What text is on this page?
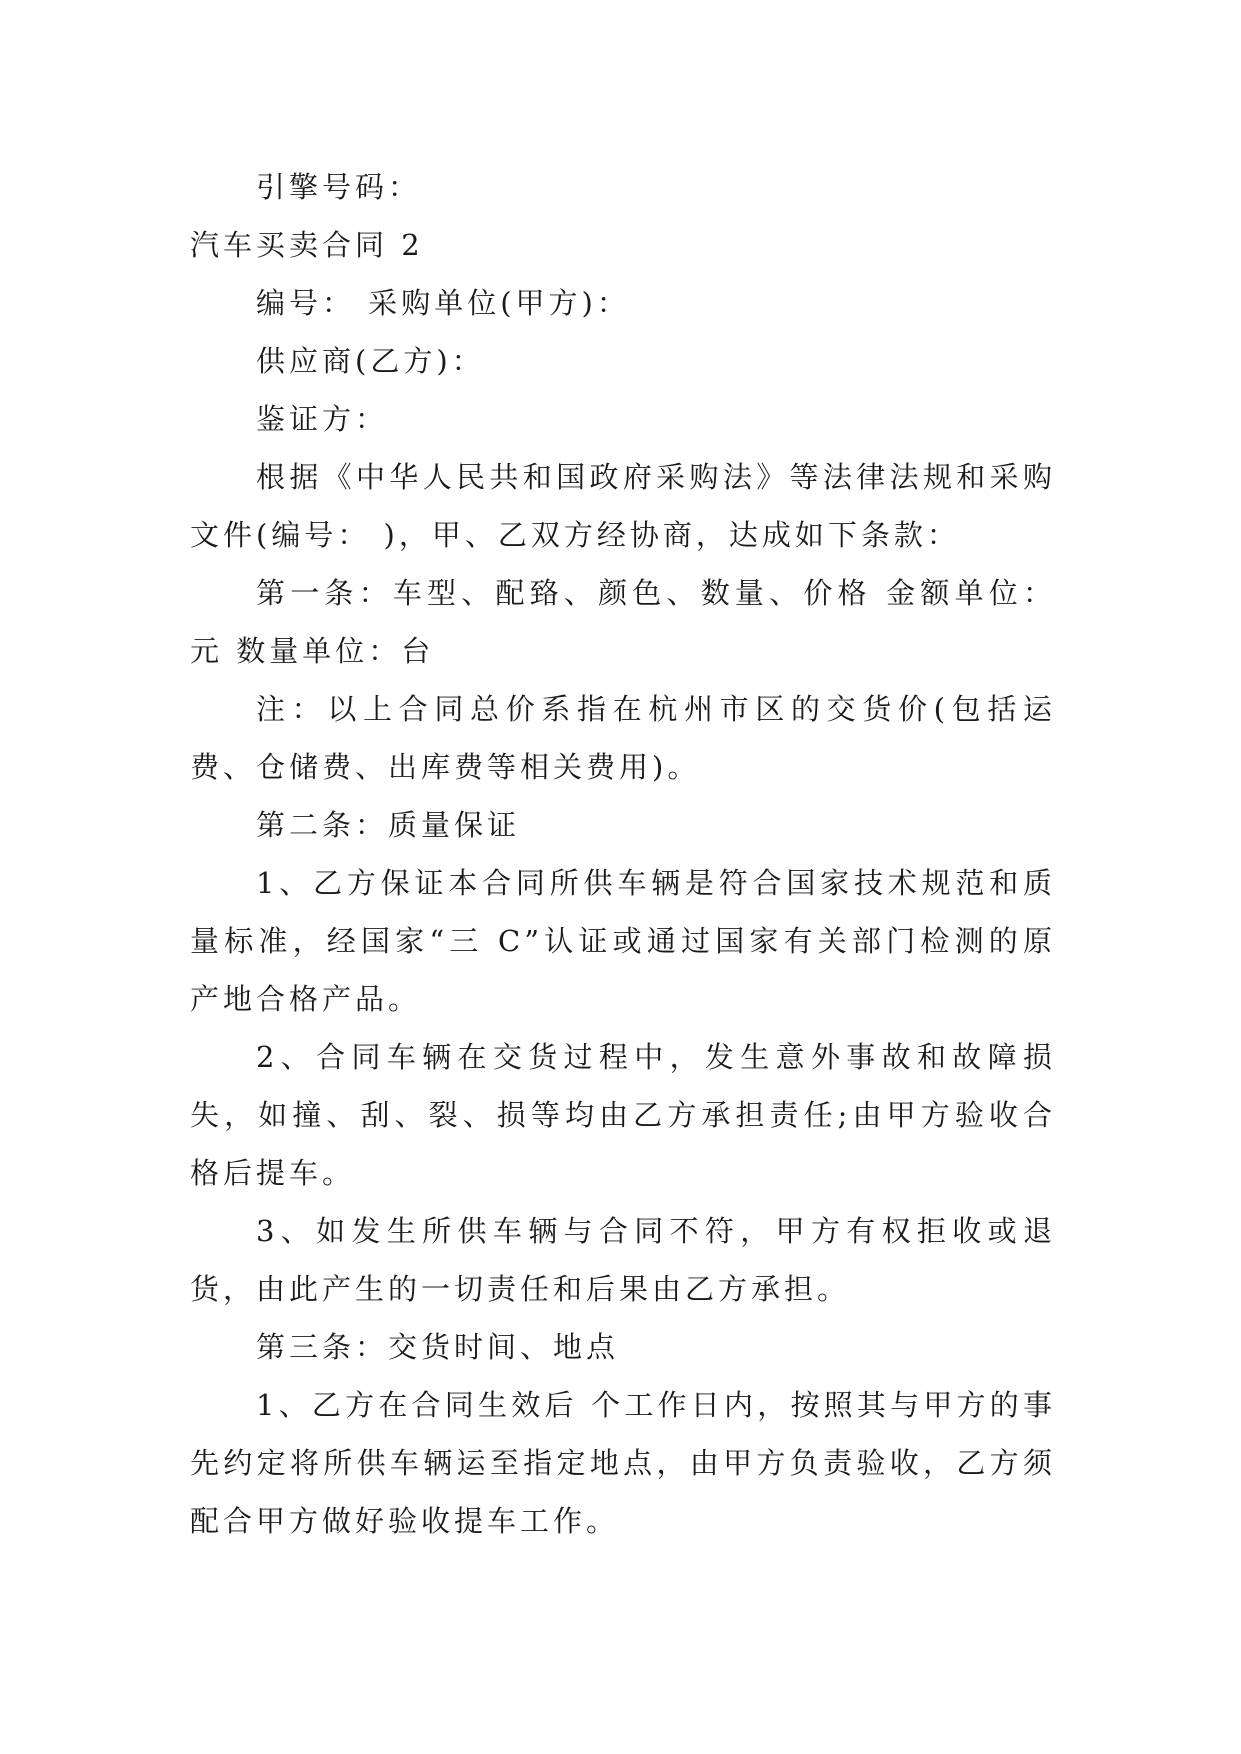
引擎号码：

汽车买卖合同 2

编号： 采购单位(甲方)：

供应商(乙方)：

鉴证方：

根据《中华人民共和国政府采购法》等法律法规和采购文件(编号： )，甲、乙双方经协商，达成如下条款：

第一条：车型、配臵、颜色、数量、价格 金额单位：元 数量单位：台

注：以上合同总价系指在杭州市区的交货价(包括运费、仓储费、出库费等相关费用)。

第二条：质量保证

1、乙方保证本合同所供车辆是符合国家技术规范和质量标准，经国家“三 C”认证或通过国家有关部门检测的原产地合格产品。

2、合同车辆在交货过程中，发生意外事故和故障损失，如撞、刮、裂、损等均由乙方承担责任;由甲方验收合格后提车。

3、如发生所供车辆与合同不符，甲方有权拒收或退货，由此产生的一切责任和后果由乙方承担。

第三条：交货时间、地点

1、乙方在合同生效后 个工作日内，按照其与甲方的事先约定将所供车辆运至指定地点，由甲方负责验收，乙方须配合甲方做好验收提车工作。
